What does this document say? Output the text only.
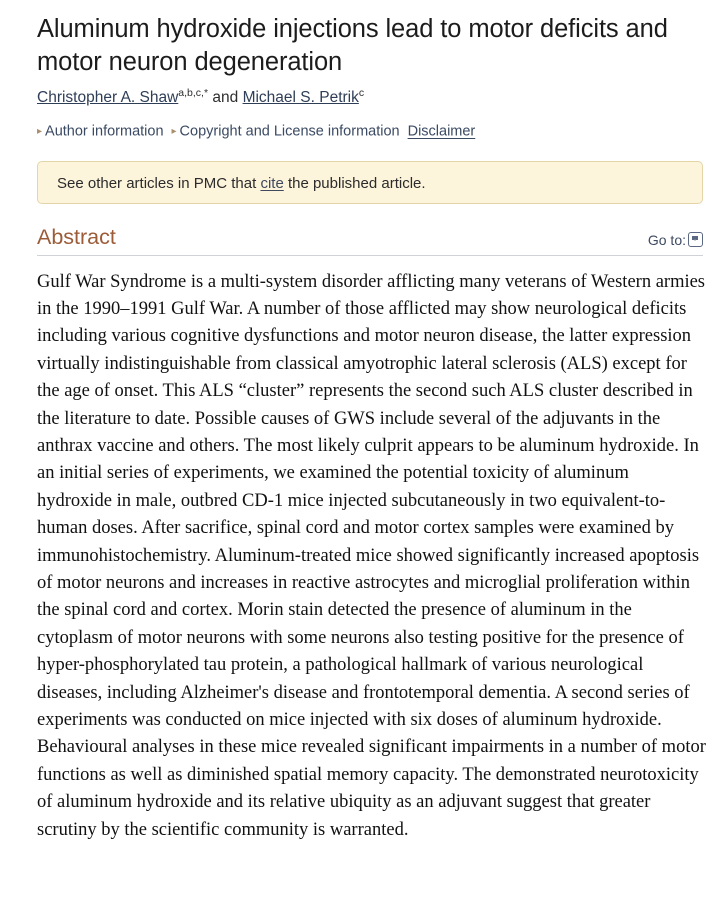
Aluminum hydroxide injections lead to motor deficits and motor neuron degeneration
Christopher A. Shaw$^{a,b,c,*}$ and Michael S. Petrik$^c$
▸ Author information ▸ Copyright and License information Disclaimer
See other articles in PMC that cite the published article.
Abstract	Go to:

Gulf War Syndrome is a multi-system disorder afflicting many veterans of Western armies in the 1990–1991 Gulf War. A number of those afflicted may show neurological deficits including various cognitive dysfunctions and motor neuron disease, the latter expression virtually indistinguishable from classical amyotrophic lateral sclerosis (ALS) except for the age of onset. This ALS “cluster” represents the second such ALS cluster described in the literature to date. Possible causes of GWS include several of the adjuvants in the anthrax vaccine and others. The most likely culprit appears to be aluminum hydroxide. In an initial series of experiments, we examined the potential toxicity of aluminum hydroxide in male, outbred CD-1 mice injected subcutaneously in two equivalent-to-human doses. After sacrifice, spinal cord and motor cortex samples were examined by immunohistochemistry. Aluminum-treated mice showed significantly increased apoptosis of motor neurons and increases in reactive astrocytes and microglial proliferation within the spinal cord and cortex. Morin stain detected the presence of aluminum in the cytoplasm of motor neurons with some neurons also testing positive for the presence of hyper-phosphorylated tau protein, a pathological hallmark of various neurological diseases, including Alzheimer's disease and frontotemporal dementia. A second series of experiments was conducted on mice injected with six doses of aluminum hydroxide. Behavioural analyses in these mice revealed significant impairments in a number of motor functions as well as diminished spatial memory capacity. The demonstrated neurotoxicity of aluminum hydroxide and its relative ubiquity as an adjuvant suggest that greater scrutiny by the scientific community is warranted.
